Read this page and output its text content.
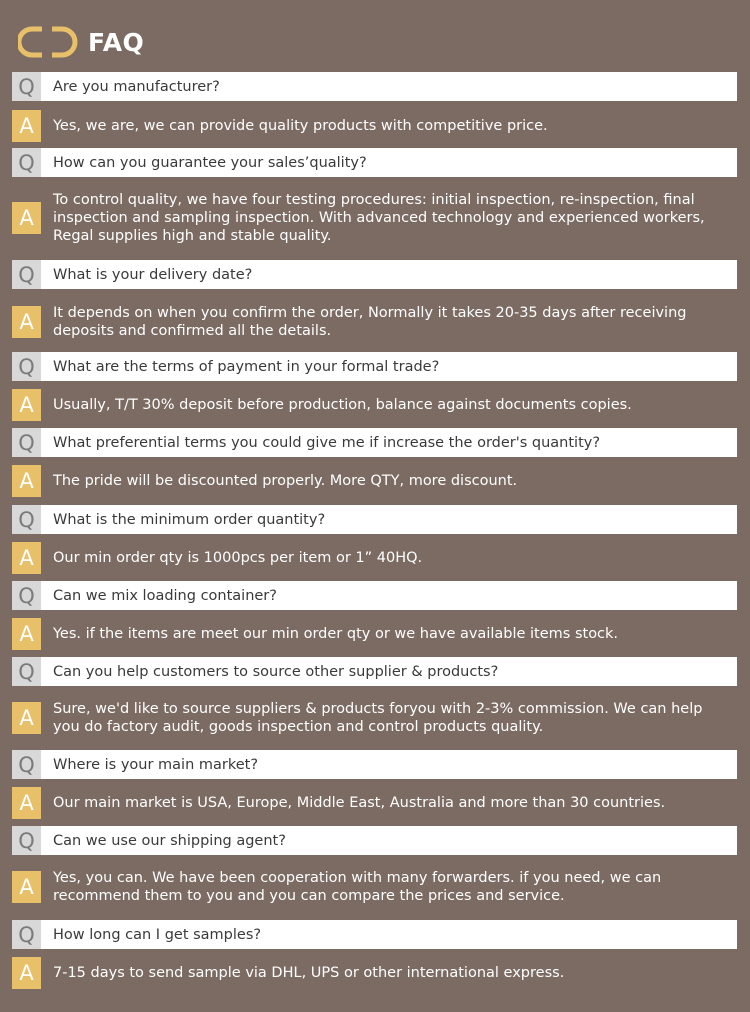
FAQ
Q	Are you manufacturer?
A	Yes, we are, we can provide quality products with competitive price.
Q	How can you guarantee your sales’quality?
A
To control quality, we have four testing procedures: initial inspection, re-inspection, final inspection and sampling inspection. With advanced technology and experienced workers, Regal supplies high and stable quality.
Q	What is your delivery date?
A	It depends on when you confirm the order, Normally it takes 20-35 days after receiving deposits and confirmed all the details.
Q	What are the terms of payment in your formal trade?
A	Usually, T/T 30% deposit before production, balance against documents copies.
Q	What preferential terms you could give me if increase the order's quantity?
A	The pride will be discounted properly. More QTY, more discount.
Q	What is the minimum order quantity?
A	Our min order qty is 1000pcs per item or 1” 40HQ.
Q	Can we mix loading container?
A	Yes. if the items are meet our min order qty or we have available items stock.
Q	Can you help customers to source other supplier & products?
A	Sure, we'd like to source suppliers & products foryou with 2-3% commission. We can help you do factory audit, goods inspection and control products quality.
Q	Where is your main market?
A	Our main market is USA, Europe, Middle East, Australia and more than 30 countries.
Q	Can we use our shipping agent?
A	Yes, you can. We have been cooperation with many forwarders. if you need, we can recommend them to you and you can compare the prices and service.
Q	How long can I get samples?
A	7-15 days to send sample via DHL, UPS or other international express.
